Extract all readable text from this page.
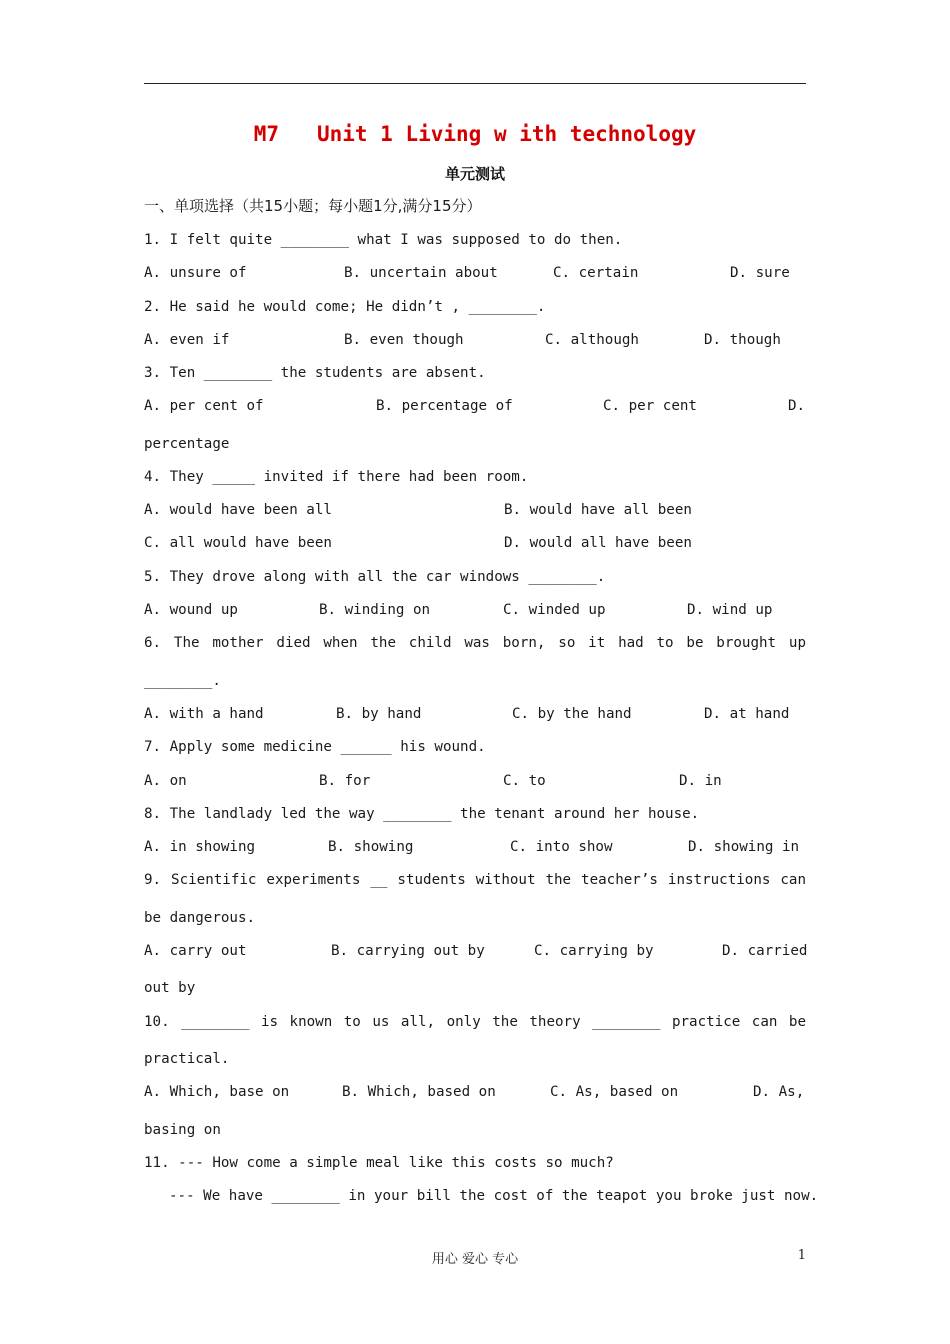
M7   Unit 1 Living w ith technology
单元测试
一、单项选择（共15小题；每小题1分,满分15分）
1. I felt quite ________ what I was supposed to do then.

A. unsure of

	B. uncertain about

	C. certain

	D. sure

2. He said he would come; He didn’t , ________.

A. even if

	B. even though

	C. although

	D. though

3. Ten ________ the students are absent.

A. per cent of

	B. percentage of

	C. per cent

	D.

percentage
4. They _____ invited if there had been room.

A. would have been all

	B. would have all been

C. all would have been

	D. would all have been

5. They drove along with all the car windows ________.

A. wound up

	B. winding on

	C. winded up

	D. wind up

6. The mother died when the child was born, so it had to be brought up
________.

A. with a hand

	B. by hand

	C. by the hand

	D. at hand

7. Apply some medicine ______ his wound.

A. on

	B. for

	C. to

	D. in

8. The landlady led the way ________ the tenant around her house.

A. in showing

	B. showing

	C. into show

	D. showing in

9. Scientific experiments __ students without the teacher’s instructions can
be dangerous.

A. carry out

	B. carrying out by

	C. carrying by

	D. carried

out by
10. ________ is known to us all, only the theory ________ practice can be
practical.

A. Which, base on

	B. Which, based on

	C. As, based on

	D. As,

basing on
11. --- How come a simple meal like this costs so much?
--- We have ________ in your bill the cost of the teapot you broke just now.
用心 爱心 专心	1
